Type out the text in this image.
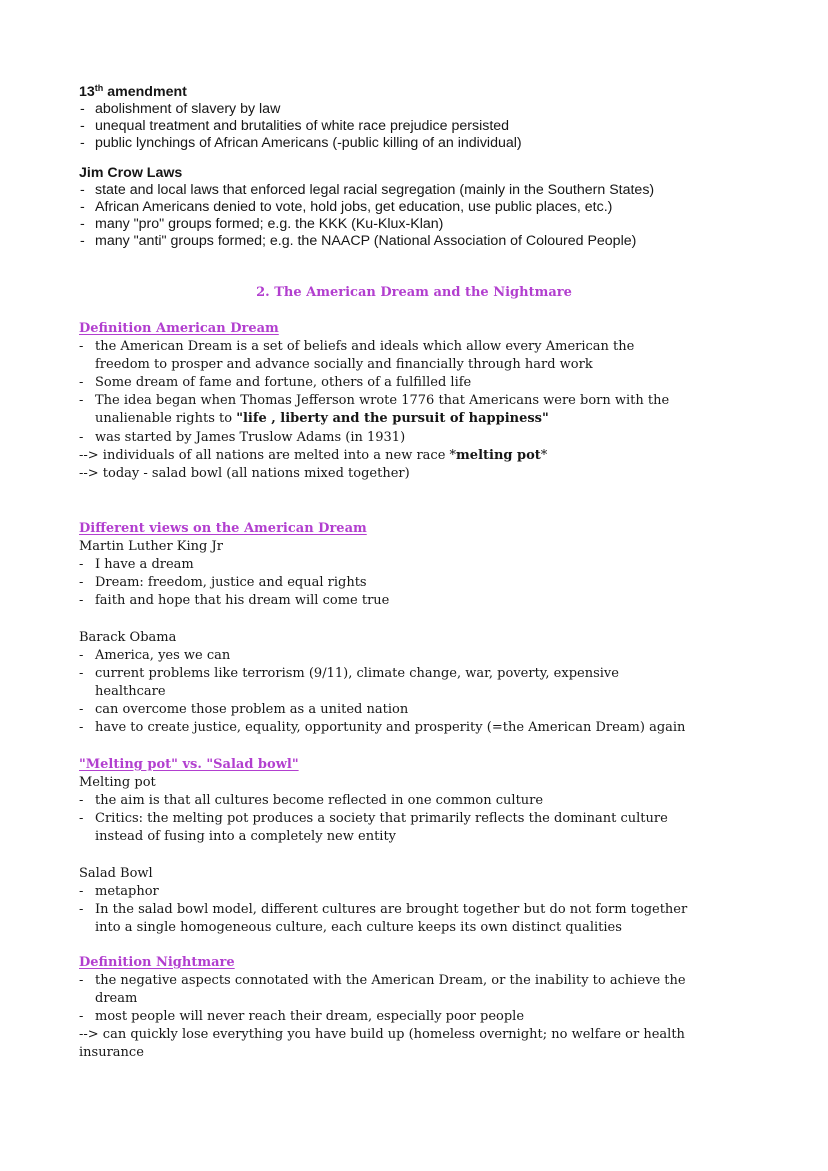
13th amendment
- abolishment of slavery by law
- unequal treatment and brutalities of white race prejudice persisted
- public lynchings of African Americans (-public killing of an individual)
Jim Crow Laws
- state and local laws that enforced legal racial segregation (mainly in the Southern States)
- African Americans denied to vote, hold jobs, get education, use public places, etc.)
- many "pro" groups formed; e.g. the KKK (Ku-Klux-Klan)
- many "anti" groups formed; e.g. the NAACP (National Association of Coloured People)
2. The American Dream and the Nightmare
Definition American Dream
- the American Dream is a set of beliefs and ideals which allow every American the
freedom to prosper and advance socially and financially through hard work
- Some dream of fame and fortune, others of a fulfilled life
- The idea began when Thomas Jefferson wrote 1776 that Americans were born with the
unalienable rights to "life , liberty and the pursuit of happiness"
- was started by James Truslow Adams (in 1931)
--> individuals of all nations are melted into a new race *melting pot*
--> today - salad bowl (all nations mixed together)
Different views on the American Dream
Martin Luther King Jr
- I have a dream
- Dream: freedom, justice and equal rights
- faith and hope that his dream will come true
Barack Obama
- America, yes we can
- current problems like terrorism (9/11), climate change, war, poverty, expensive
healthcare
- can overcome those problem as a united nation
- have to create justice, equality, opportunity and prosperity (=the American Dream) again
"Melting pot" vs. "Salad bowl"
Melting pot
- the aim is that all cultures become reflected in one common culture
- Critics: the melting pot produces a society that primarily reflects the dominant culture
instead of fusing into a completely new entity
Salad Bowl
- metaphor
- In the salad bowl model, different cultures are brought together but do not form together
into a single homogeneous culture, each culture keeps its own distinct qualities
Definition Nightmare
- the negative aspects connotated with the American Dream, or the inability to achieve the
dream
- most people will never reach their dream, especially poor people
--> can quickly lose everything you have build up (homeless overnight; no welfare or health
insurance
